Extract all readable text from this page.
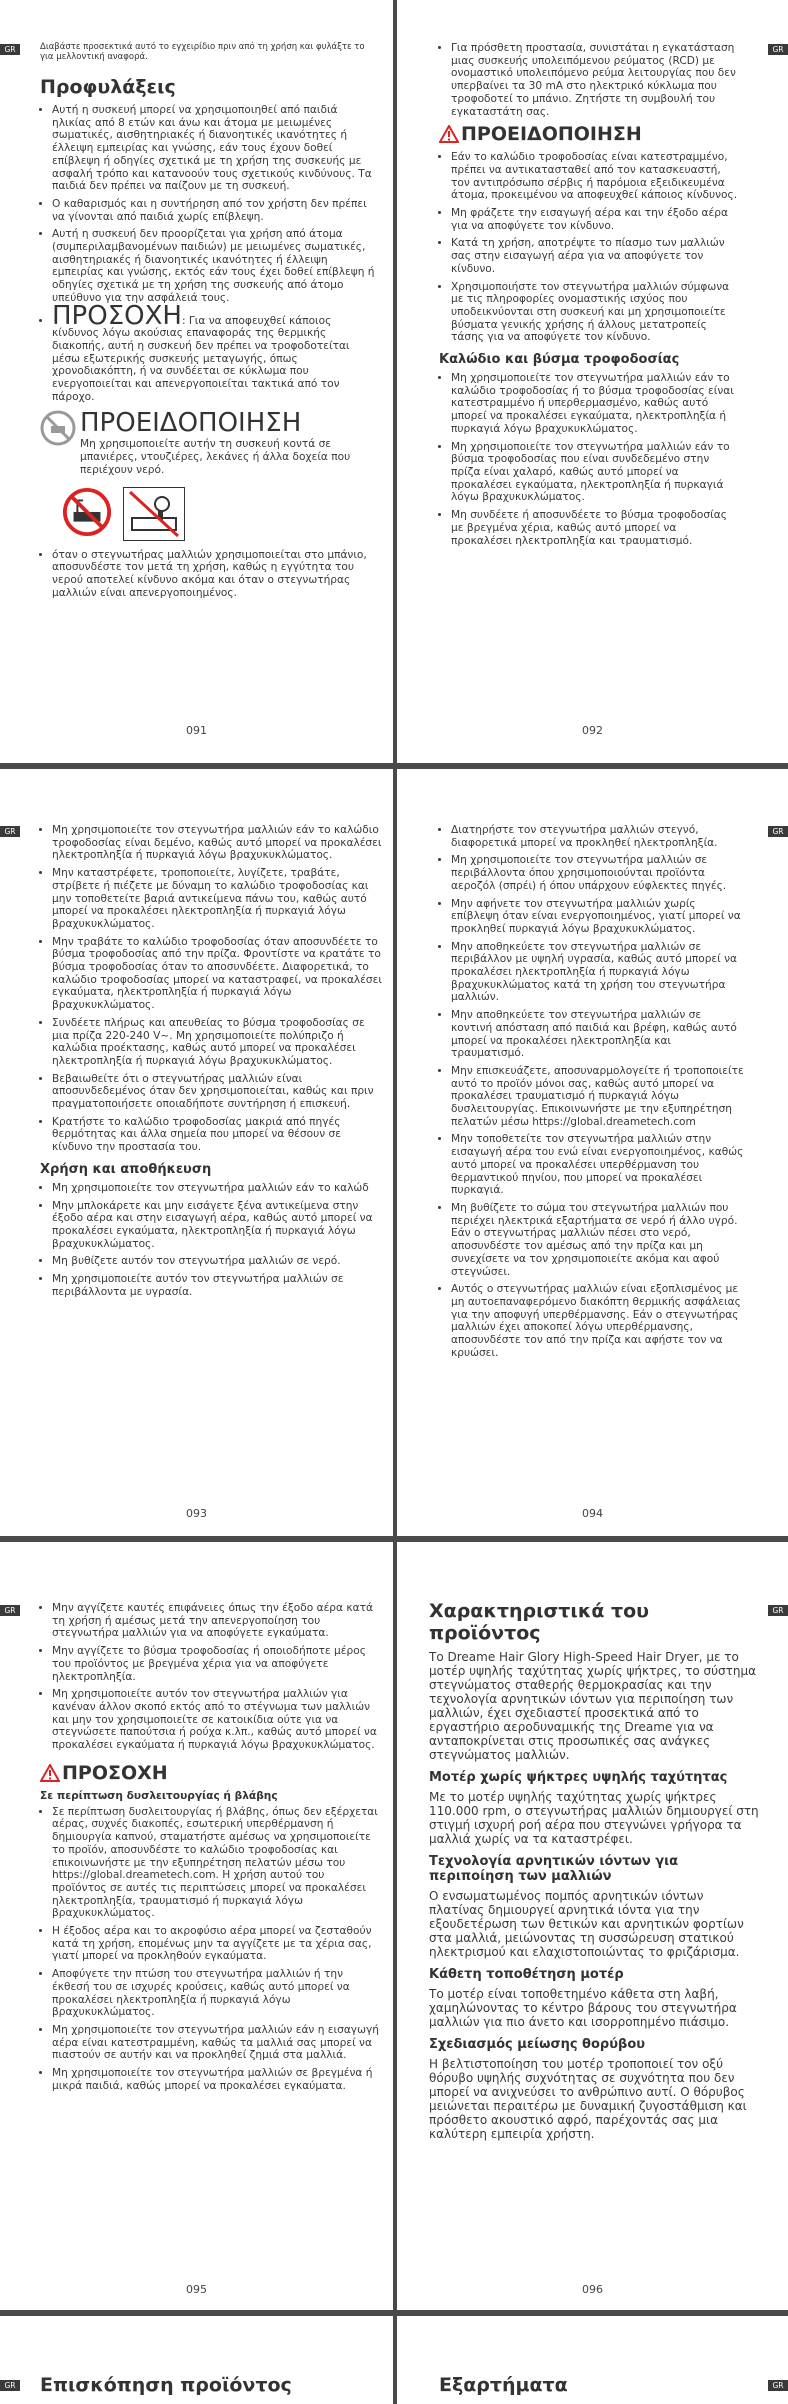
GR	Διαβάστε προσεκτικά αυτό το εγχειρίδιο πριν από τη χρήση και φυλάξτε το για μελλοντική αναφορά.
Προφυλάξεις
• Αυτή η συσκευή μπορεί να χρησιμοποιηθεί από παιδιά ηλικίας από 8 ετών και άνω και άτομα με μειωμένες σωματικές, αισθητηριακές ή διανοητικές ικανότητες ή έλλειψη εμπειρίας και γνώσης, εάν τους έχουν δοθεί επίβλεψη ή οδηγίες σχετικά με τη χρήση της συσκευής με ασφαλή τρόπο και κατανοούν τους σχετικούς κινδύνους. Τα παιδιά δεν πρέπει να παίζουν με τη συσκευή.
• Ο καθαρισμός και η συντήρηση από τον χρήστη δεν πρέπει να γίνονται από παιδιά χωρίς επίβλεψη.
• Αυτή η συσκευή δεν προορίζεται για χρήση από άτομα (συμπεριλαμβανομένων παιδιών) με μειωμένες σωματικές, αισθητηριακές ή διανοητικές ικανότητες ή έλλειψη εμπειρίας και γνώσης, εκτός εάν τους έχει δοθεί επίβλεψη ή οδηγίες σχετικά με τη χρήση της συσκευής από άτομο υπεύθυνο για την ασφάλειά τους.
• ΠΡΟΣΟΧΗ: Για να αποφευχθεί κάποιος κίνδυνος λόγω ακούσιας επαναφοράς της θερμικής διακοπής, αυτή η συσκευή δεν πρέπει να τροφοδοτείται μέσω εξωτερικής συσκευής μεταγωγής, όπως χρονοδιακόπτη, ή να συνδέεται σε κύκλωμα που ενεργοποιείται και απενεργοποιείται τακτικά από τον πάροχο.
ΠΡΟΕΙΔΟΠΟΙΗΣΗ
Μη χρησιμοποιείτε αυτήν τη συσκευή κοντά σε μπανιέρες, ντουζιέρες, λεκάνες ή άλλα δοχεία που περιέχουν νερό.

• όταν ο στεγνωτήρας μαλλιών χρησιμοποιείται στο μπάνιο, αποσυνδέστε τον μετά τη χρήση, καθώς η εγγύτητα του νερού αποτελεί κίνδυνο ακόμα και όταν ο στεγνωτήρας μαλλιών είναι απενεργοποιημένος.
091
GR
• Για πρόσθετη προστασία, συνιστάται η εγκατάσταση μιας συσκευής υπολειπόμενου ρεύματος (RCD) με ονομαστικό υπολειπόμενο ρεύμα λειτουργίας που δεν υπερβαίνει τα 30 mA στο ηλεκτρικό κύκλωμα που τροφοδοτεί το μπάνιο. Ζητήστε τη συμβουλή του εγκαταστάτη σας.
ΠΡΟΕΙΔΟΠΟΙΗΣΗ
• Εάν το καλώδιο τροφοδοσίας είναι κατεστραμμένο, πρέπει να αντικατασταθεί από τον κατασκευαστή, τον αντιπρόσωπο σέρβις ή παρόμοια εξειδικευμένα άτομα, προκειμένου να αποφευχθεί κάποιος κίνδυνος.
• Μη φράζετε την εισαγωγή αέρα και την έξοδο αέρα για να αποφύγετε τον κίνδυνο.
• Κατά τη χρήση, αποτρέψτε το πίασμο των μαλλιών σας στην εισαγωγή αέρα για να αποφύγετε τον κίνδυνο.
• Χρησιμοποιήστε τον στεγνωτήρα μαλλιών σύμφωνα με τις πληροφορίες ονομαστικής ισχύος που υποδεικνύονται στη συσκευή και μη χρησιμοποιείτε βύσματα γενικής χρήσης ή άλλους μετατροπείς τάσης για να αποφύγετε τον κίνδυνο.
Καλώδιο και βύσμα τροφοδοσίας
• Μη χρησιμοποιείτε τον στεγνωτήρα μαλλιών εάν το καλώδιο τροφοδοσίας ή το βύσμα τροφοδοσίας είναι κατεστραμμένο ή υπερθερμασμένο, καθώς αυτό μπορεί να προκαλέσει εγκαύματα, ηλεκτροπληξία ή πυρκαγιά λόγω βραχυκυκλώματος.
• Μη χρησιμοποιείτε τον στεγνωτήρα μαλλιών εάν το βύσμα τροφοδοσίας που είναι συνδεδεμένο στην πρίζα είναι χαλαρό, καθώς αυτό μπορεί να προκαλέσει εγκαύματα, ηλεκτροπληξία ή πυρκαγιά λόγω βραχυκυκλώματος.
• Μη συνδέετε ή αποσυνδέετε το βύσμα τροφοδοσίας με βρεγμένα χέρια, καθώς αυτό μπορεί να προκαλέσει ηλεκτροπληξία και τραυματισμό.
092
GR	• Μη χρησιμοποιείτε τον στεγνωτήρα μαλλιών εάν το καλώδιο τροφοδοσίας είναι δεμένο, καθώς αυτό μπορεί να προκαλέσει ηλεκτροπληξία ή πυρκαγιά λόγω βραχυκυκλώματος.
• Μην καταστρέφετε, τροποποιείτε, λυγίζετε, τραβάτε, στρίβετε ή πιέζετε με δύναμη το καλώδιο τροφοδοσίας και μην τοποθετείτε βαριά αντικείμενα πάνω του, καθώς αυτό μπορεί να προκαλέσει ηλεκτροπληξία ή πυρκαγιά λόγω βραχυκυκλώματος.
• Μην τραβάτε το καλώδιο τροφοδοσίας όταν αποσυνδέετε το βύσμα τροφοδοσίας από την πρίζα. Φροντίστε να κρατάτε το βύσμα τροφοδοσίας όταν το αποσυνδέετε. Διαφορετικά, το καλώδιο τροφοδοσίας μπορεί να καταστραφεί, να προκαλέσει εγκαύματα, ηλεκτροπληξία ή πυρκαγιά λόγω βραχυκυκλώματος.
• Συνδέετε πλήρως και απευθείας το βύσμα τροφοδοσίας σε μια πρίζα 220-240 V~. Μη χρησιμοποιείτε πολύπριζο ή καλώδια προέκτασης, καθώς αυτό μπορεί να προκαλέσει ηλεκτροπληξία ή πυρκαγιά λόγω βραχυκυκλώματος.
• Βεβαιωθείτε ότι ο στεγνωτήρας μαλλιών είναι αποσυνδεδεμένος όταν δεν χρησιμοποιείται, καθώς και πριν πραγματοποιήσετε οποιαδήποτε συντήρηση ή επισκευή.
• Κρατήστε το καλώδιο τροφοδοσίας μακριά από πηγές θερμότητας και άλλα σημεία που μπορεί να θέσουν σε κίνδυνο την προστασία του.
Χρήση και αποθήκευση
• Μη χρησιμοποιείτε τον στεγνωτήρα μαλλιών εάν το καλώδ
• Μην μπλοκάρετε και μην εισάγετε ξένα αντικείμενα στην έξοδο αέρα και στην εισαγωγή αέρα, καθώς αυτό μπορεί να προκαλέσει εγκαύματα, ηλεκτροπληξία ή πυρκαγιά λόγω βραχυκυκλώματος.
• Μη βυθίζετε αυτόν τον στεγνωτήρα μαλλιών σε νερό.
• Μη χρησιμοποιείτε αυτόν τον στεγνωτήρα μαλλιών σε περιβάλλοντα με υγρασία.
093
GR
• Διατηρήστε τον στεγνωτήρα μαλλιών στεγνό, διαφορετικά μπορεί να προκληθεί ηλεκτροπληξία.
• Μη χρησιμοποιείτε τον στεγνωτήρα μαλλιών σε περιβάλλοντα όπου χρησιμοποιούνται προϊόντα αεροζόλ (σπρέι) ή όπου υπάρχουν εύφλεκτες πηγές.
• Μην αφήνετε τον στεγνωτήρα μαλλιών χωρίς επίβλεψη όταν είναι ενεργοποιημένος, γιατί μπορεί να προκληθεί πυρκαγιά λόγω βραχυκυκλώματος.
• Μην αποθηκεύετε τον στεγνωτήρα μαλλιών σε περιβάλλον με υψηλή υγρασία, καθώς αυτό μπορεί να προκαλέσει ηλεκτροπληξία ή πυρκαγιά λόγω βραχυκυκλώματος κατά τη χρήση του στεγνωτήρα μαλλιών.
• Μην αποθηκεύετε τον στεγνωτήρα μαλλιών σε κοντινή απόσταση από παιδιά και βρέφη, καθώς αυτό μπορεί να προκαλέσει ηλεκτροπληξία και τραυματισμό.
• Μην επισκευάζετε, αποσυναρμολογείτε ή τροποποιείτε αυτό το προϊόν μόνοι σας, καθώς αυτό μπορεί να προκαλέσει τραυματισμό ή πυρκαγιά λόγω δυσλειτουργίας. Επικοινωνήστε με την εξυπηρέτηση πελατών μέσω https://global.dreametech.com
• Μην τοποθετείτε τον στεγνωτήρα μαλλιών στην εισαγωγή αέρα του ενώ είναι ενεργοποιημένος, καθώς αυτό μπορεί να προκαλέσει υπερθέρμανση του θερμαντικού πηνίου, που μπορεί να προκαλέσει πυρκαγιά.
• Μη βυθίζετε το σώμα του στεγνωτήρα μαλλιών που περιέχει ηλεκτρικά εξαρτήματα σε νερό ή άλλο υγρό. Εάν ο στεγνωτήρας μαλλιών πέσει στο νερό, αποσυνδέστε τον αμέσως από την πρίζα και μη συνεχίσετε να τον χρησιμοποιείτε ακόμα και αφού στεγνώσει.
• Αυτός ο στεγνωτήρας μαλλιών είναι εξοπλισμένος με μη αυτοεπαναφερόμενο διακόπτη θερμικής ασφάλειας για την αποφυγή υπερθέρμανσης. Εάν ο στεγνωτήρας μαλλιών έχει αποκοπεί λόγω υπερθέρμανσης, αποσυνδέστε τον από την πρίζα και αφήστε τον να κρυώσει.
094
GR	• Μην αγγίζετε καυτές επιφάνειες όπως την έξοδο αέρα κατά τη χρήση ή αμέσως μετά την απενεργοποίηση του στεγνωτήρα μαλλιών για να αποφύγετε εγκαύματα.
• Μην αγγίζετε το βύσμα τροφοδοσίας ή οποιοδήποτε μέρος του προϊόντος με βρεγμένα χέρια για να αποφύγετε ηλεκτροπληξία.
• Μη χρησιμοποιείτε αυτόν τον στεγνωτήρα μαλλιών για κανέναν άλλον σκοπό εκτός από το στέγνωμα των μαλλιών και μην τον χρησιμοποιείτε σε κατοικίδια ούτε για να στεγνώσετε παπούτσια ή ρούχα κ.λπ., καθώς αυτό μπορεί να προκαλέσει εγκαύματα ή πυρκαγιά λόγω βραχυκυκλώματος.
ΠΡΟΣΟΧΗ
Σε περίπτωση δυσλειτουργίας ή βλάβης
• Σε περίπτωση δυσλειτουργίας ή βλάβης, όπως δεν εξέρχεται αέρας, συχνές διακοπές, εσωτερική υπερθέρμανση ή δημιουργία καπνού, σταματήστε αμέσως να χρησιμοποιείτε το προϊόν, αποσυνδέστε το καλώδιο τροφοδοσίας και επικοινωνήστε με την εξυπηρέτηση πελατών μέσω του https://global.dreametech.com. Η χρήση αυτού του προϊόντος σε αυτές τις περιπτώσεις μπορεί να προκαλέσει ηλεκτροπληξία, τραυματισμό ή πυρκαγιά λόγω βραχυκυκλώματος.
• Η έξοδος αέρα και το ακροφύσιο αέρα μπορεί να ζεσταθούν κατά τη χρήση, επομένως μην τα αγγίζετε με τα χέρια σας, γιατί μπορεί να προκληθούν εγκαύματα.
• Αποφύγετε την πτώση του στεγνωτήρα μαλλιών ή την έκθεσή του σε ισχυρές κρούσεις, καθώς αυτό μπορεί να προκαλέσει ηλεκτροπληξία ή πυρκαγιά λόγω βραχυκυκλώματος.
• Μη χρησιμοποιείτε τον στεγνωτήρα μαλλιών εάν η εισαγωγή αέρα είναι κατεστραμμένη, καθώς τα μαλλιά σας μπορεί να πιαστούν σε αυτήν και να προκληθεί ζημιά στα μαλλιά.
• Μη χρησιμοποιείτε τον στεγνωτήρα μαλλιών σε βρεγμένα ή μικρά παιδιά, καθώς μπορεί να προκαλέσει εγκαύματα.
095
GR
Χαρακτηριστικά του προϊόντος
Το Dreame Hair Glory High-Speed Hair Dryer, με το μοτέρ υψηλής ταχύτητας χωρίς ψήκτρες, το σύστημα στεγνώματος σταθερής θερμοκρασίας και την τεχνολογία αρνητικών ιόντων για περιποίηση των μαλλιών, έχει σχεδιαστεί προσεκτικά από το εργαστήριο αεροδυναμικής της Dreame για να ανταποκρίνεται στις προσωπικές σας ανάγκες στεγνώματος μαλλιών.
Μοτέρ χωρίς ψήκτρες υψηλής ταχύτητας
Με το μοτέρ υψηλής ταχύτητας χωρίς ψήκτρες 110.000 rpm, ο στεγνωτήρας μαλλιών δημιουργεί στη στιγμή ισχυρή ροή αέρα που στεγνώνει γρήγορα τα μαλλιά χωρίς να τα καταστρέφει.
Τεχνολογία αρνητικών ιόντων για περιποίηση των μαλλιών
Ο ενσωματωμένος πομπός αρνητικών ιόντων πλατίνας δημιουργεί αρνητικά ιόντα για την εξουδετέρωση των θετικών και αρνητικών φορτίων στα μαλλιά, μειώνοντας τη συσσώρευση στατικού ηλεκτρισμού και ελαχιστοποιώντας το φριζάρισμα.
Κάθετη τοποθέτηση μοτέρ
Το μοτέρ είναι τοποθετημένο κάθετα στη λαβή, χαμηλώνοντας το κέντρο βάρους του στεγνωτήρα μαλλιών για πιο άνετο και ισορροπημένο πιάσιμο.
Σχεδιασμός μείωσης θορύβου
Η βελτιστοποίηση του μοτέρ τροποποιεί τον οξύ θόρυβο υψηλής συχνότητας σε συχνότητα που δεν μπορεί να ανιχνεύσει το ανθρώπινο αυτί. Ο θόρυβος μειώνεται περαιτέρω με δυναμική ζυγοστάθμιση και πρόσθετο ακουστικό αφρό, παρέχοντάς σας μια καλύτερη εμπειρία χρήστη.
096
GR Επισκόπηση προϊόντος	GR
Εξαρτήματα
